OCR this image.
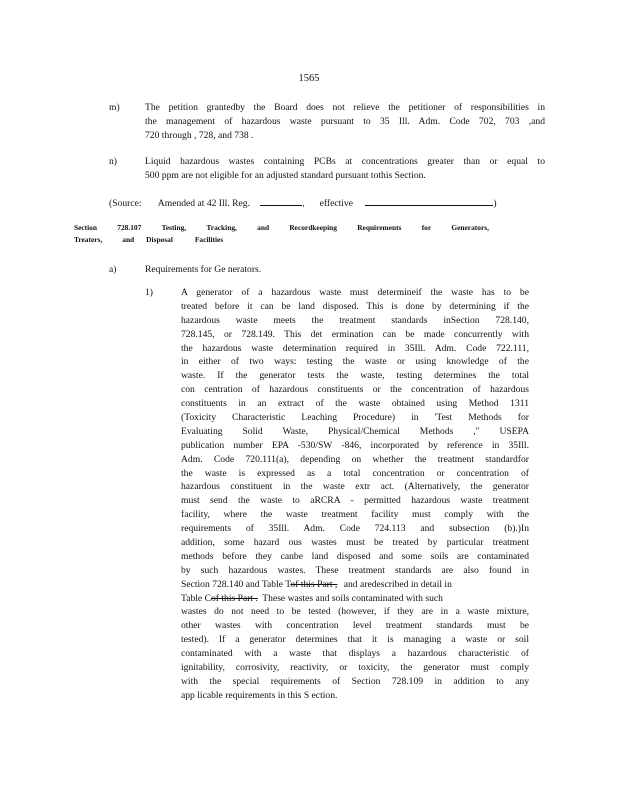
1565
m)	The petition grantedby the Board does not relieve the petitioner of responsibilities in
the management of hazardous waste pursuant to 35 Ill. Adm. Code 702, 703 ,and
720 through , 728, and 738 .
n)	Liquid hazardous wastes containing PCBs at concentrations greater than or equal to
500 ppm are not eligible for an adjusted standard pursuant tothis Section.
(Source: Amended at 42 Ill. Reg.	, effective	)
Section	728.107	Testing,	Tracking,	and	Recordkeeping	Requirements	for	Generators,
Treaters,	and Disposal	Facilities
a)	Requirements for Ge nerators.
1)	A generator of a hazardous waste must determineif the waste has to be
treated before it can be land disposed. This is done by determining if the
hazardous waste meets the treatment standards inSection 728.140,
728.145, or 728.149. This det ermination can be made concurrently with
the hazardous waste determination required in 35Ill. Adm. Code 722.111,
in either of two ways: testing the waste or using knowledge of the
waste. If the generator tests the waste, testing determines the total
con centration of hazardous constituents or the concentration of hazardous
constituents in an extract of the waste obtained using Method 1311
(Toxicity Characteristic Leaching Procedure) in 'Test Methods for
Evaluating Solid Waste, Physical/Chemical Methods ," USEPA
publication number EPA -530/SW -846, incorporated by reference in 35Ill.
Adm. Code 720.111(a), depending on whether the treatment standardfor
the waste is expressed as a total concentration or concentration of
hazardous constituent in the waste extr act. (Alternatively, the generator
must send the waste to aRCRA - permitted hazardous waste treatment
facility, where the waste treatment facility must comply with the
requirements of 35Ill. Adm. Code 724.113 and subsection (b).)In
addition, some hazard ous wastes must be treated by particular treatment
methods before they canbe land disposed and some soils are contaminated
by such hazardous wastes. These treatment standards are also found in
Section 728.140 and Table Tof this Part , and aredescribed in detail in
Table Cof this Part . These wastes and soils contaminated with such
wastes do not need to be tested (however, if they are in a waste mixture,
other wastes with concentration level treatment standards must be
tested). If a generator determines that it is managing a waste or soil
contaminated with a waste that displays a hazardous characteristic of
ignitability, corrosivity, reactivity, or toxicity, the generator must comply
with the special requirements of Section 728.109 in addition to any
app licable requirements in this S ection.
